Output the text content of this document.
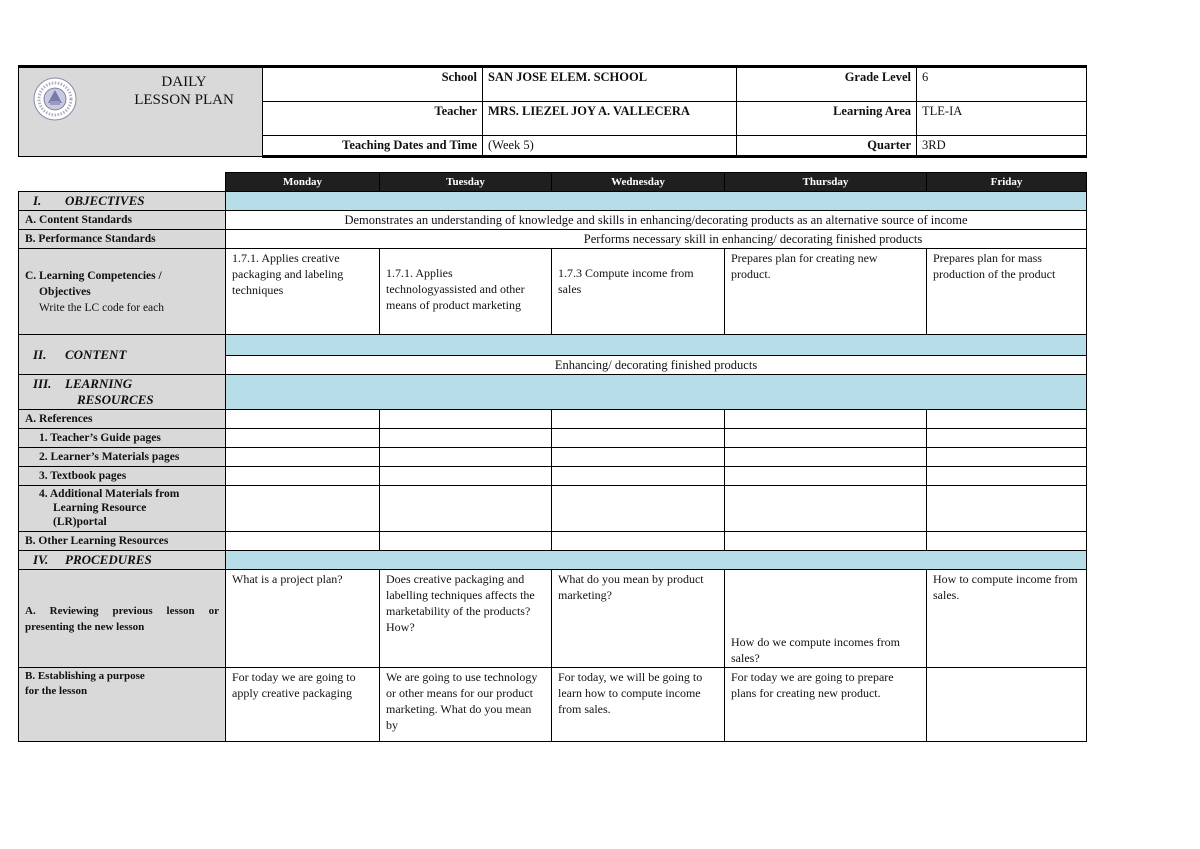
DAILY
LESSON PLAN	School	SAN JOSE ELEM. SCHOOL	Grade Level	6
	Teacher	MRS. LIEZEL JOY A. VALLECERA	Learning Area	TLE-IA
	Teaching Dates and Time	(Week 5)	Quarter	3RD
	Monday	Tuesday	Wednesday	Thursday	Friday
I. OBJECTIVES					
A. Content Standards	Demonstrates an understanding of knowledge and skills in enhancing/decorating products as an alternative source of income				
B. Performance Standards	Performs necessary skill in enhancing/ decorating finished products				

C. Learning Competencies /
Objectives
Write the LC code for each	1.7.1. Applies creative packaging and labeling techniques	1.7.1. Applies technologyassisted and other means of product marketing	1.7.3 Compute income from sales	Prepares plan for creating new product.	Prepares plan for mass production of the product
II. CONTENT					
	Enhancing/ decorating finished products				
III. LEARNING
RESOURCES					

A. References					
1. Teacher’s Guide pages					
2. Learner’s Materials pages					
3. Textbook pages					

4. Additional Materials from
Learning Resource
(LR)portal					

B. Other Learning Resources					
IV. PROCEDURES					
A. Reviewing previous lesson or presenting the new lesson	What is a project plan?	Does creative packaging and labelling techniques affects the marketability of the products? How?	What do you mean by product marketing?	How do we compute incomes from sales?	How to compute income from sales.

B. Establishing a purpose
for the lesson	For today we are going to apply creative packaging	We are going to use technology or other means for our product marketing. What do you mean by	For today, we will be going to learn how to compute income from sales.	For today we are going to prepare plans for creating new product.	
